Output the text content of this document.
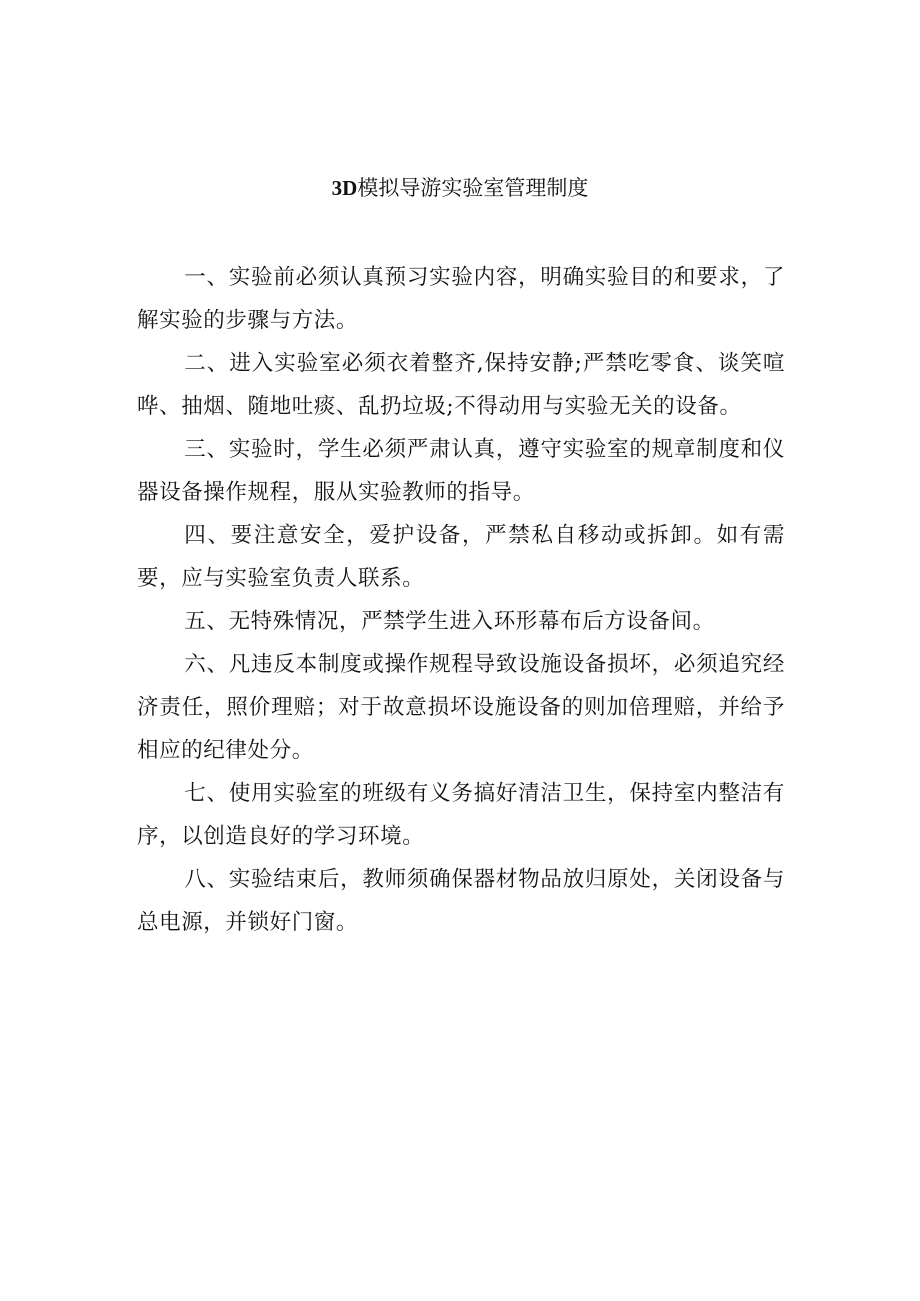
3D模拟导游实验室管理制度

一、实验前必须认真预习实验内容，明确实验目的和要求，了解实验的步骤与方法。

二、进入实验室必须衣着整齐,保持安静;严禁吃零食、谈笑喧哗、抽烟、随地吐痰、乱扔垃圾;不得动用与实验无关的设备。

三、实验时，学生必须严肃认真，遵守实验室的规章制度和仪器设备操作规程，服从实验教师的指导。

四、要注意安全，爱护设备，严禁私自移动或拆卸。如有需要，应与实验室负责人联系。

五、无特殊情况，严禁学生进入环形幕布后方设备间。

六、凡违反本制度或操作规程导致设施设备损坏，必须追究经济责任，照价理赔；对于故意损坏设施设备的则加倍理赔，并给予相应的纪律处分。

七、使用实验室的班级有义务搞好清洁卫生，保持室内整洁有序，以创造良好的学习环境。

八、实验结束后，教师须确保器材物品放归原处，关闭设备与总电源，并锁好门窗。
